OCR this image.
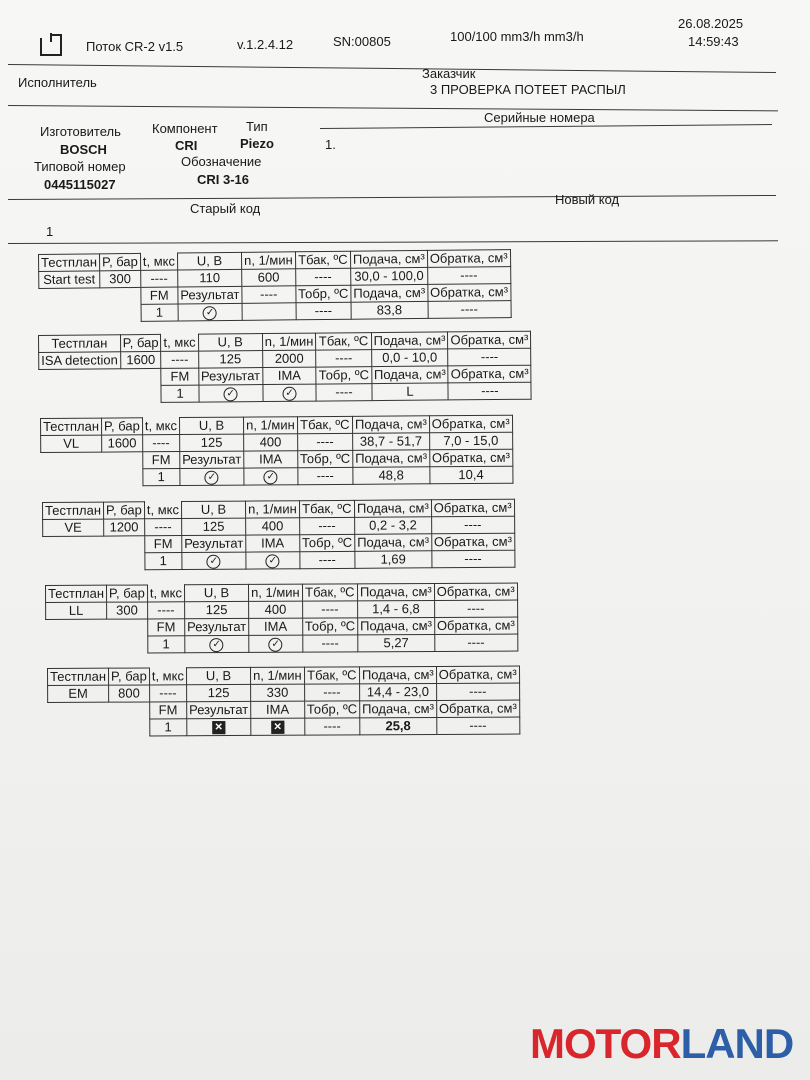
Поток CR-2 v1.5	v.1.2.4.12	SN:00805	100/100 mm3/h mm3/h
26.08.2025
14:59:43
Исполнитель
Заказчик
3 ПРОВЕРКА ПОТЕЕТ РАСПЫЛ
Изготовитель
BOSCH
Компонент
CRI
Тип
Piezo
Серийные номера
1.
Типовой номер
0445115027
Обозначение
CRI 3-16
Старый код
Новый код
1
Тестплан	P, бар	t, мкс	U, B	n, 1/мин	Тбак, ºС	Подача, см³	Обратка, см³
Start test	300	----	110	600	----	30,0 - 100,0	----
		FM	Результат	----	Тобр, ºС	Подача, см³	Обратка, см³
		1	✓		----	83,8	----
Тестплан	P, бар	t, мкс	U, B	n, 1/мин	Тбак, ºС	Подача, см³	Обратка, см³
ISA detection	1600	----	125	2000	----	0,0 - 10,0	----
		FM	Результат	IMA	Тобр, ºС	Подача, см³	Обратка, см³
		1	✓	✓	----	L	----
Тестплан	P, бар	t, мкс	U, B	n, 1/мин	Тбак, ºС	Подача, см³	Обратка, см³
VL	1600	----	125	400	----	38,7 - 51,7	7,0 - 15,0
		FM	Результат	IMA	Тобр, ºС	Подача, см³	Обратка, см³
		1	✓	✓	----	48,8	10,4
Тестплан	P, бар	t, мкс	U, B	n, 1/мин	Тбак, ºС	Подача, см³	Обратка, см³
VE	1200	----	125	400	----	0,2 - 3,2	----
		FM	Результат	IMA	Тобр, ºС	Подача, см³	Обратка, см³
		1	✓	✓	----	1,69	----
Тестплан	P, бар	t, мкс	U, B	n, 1/мин	Тбак, ºС	Подача, см³	Обратка, см³
LL	300	----	125	400	----	1,4 - 6,8	----
		FM	Результат	IMA	Тобр, ºС	Подача, см³	Обратка, см³
		1	✓	✓	----	5,27	----
Тестплан	P, бар	t, мкс	U, B	n, 1/мин	Тбак, ºС	Подача, см³	Обратка, см³
EM	800	----	125	330	----	14,4 - 23,0	----
		FM	Результат	IMA	Тобр, ºС	Подача, см³	Обратка, см³
		1	✕	✕	----	25,8	----
MOTORLAND
